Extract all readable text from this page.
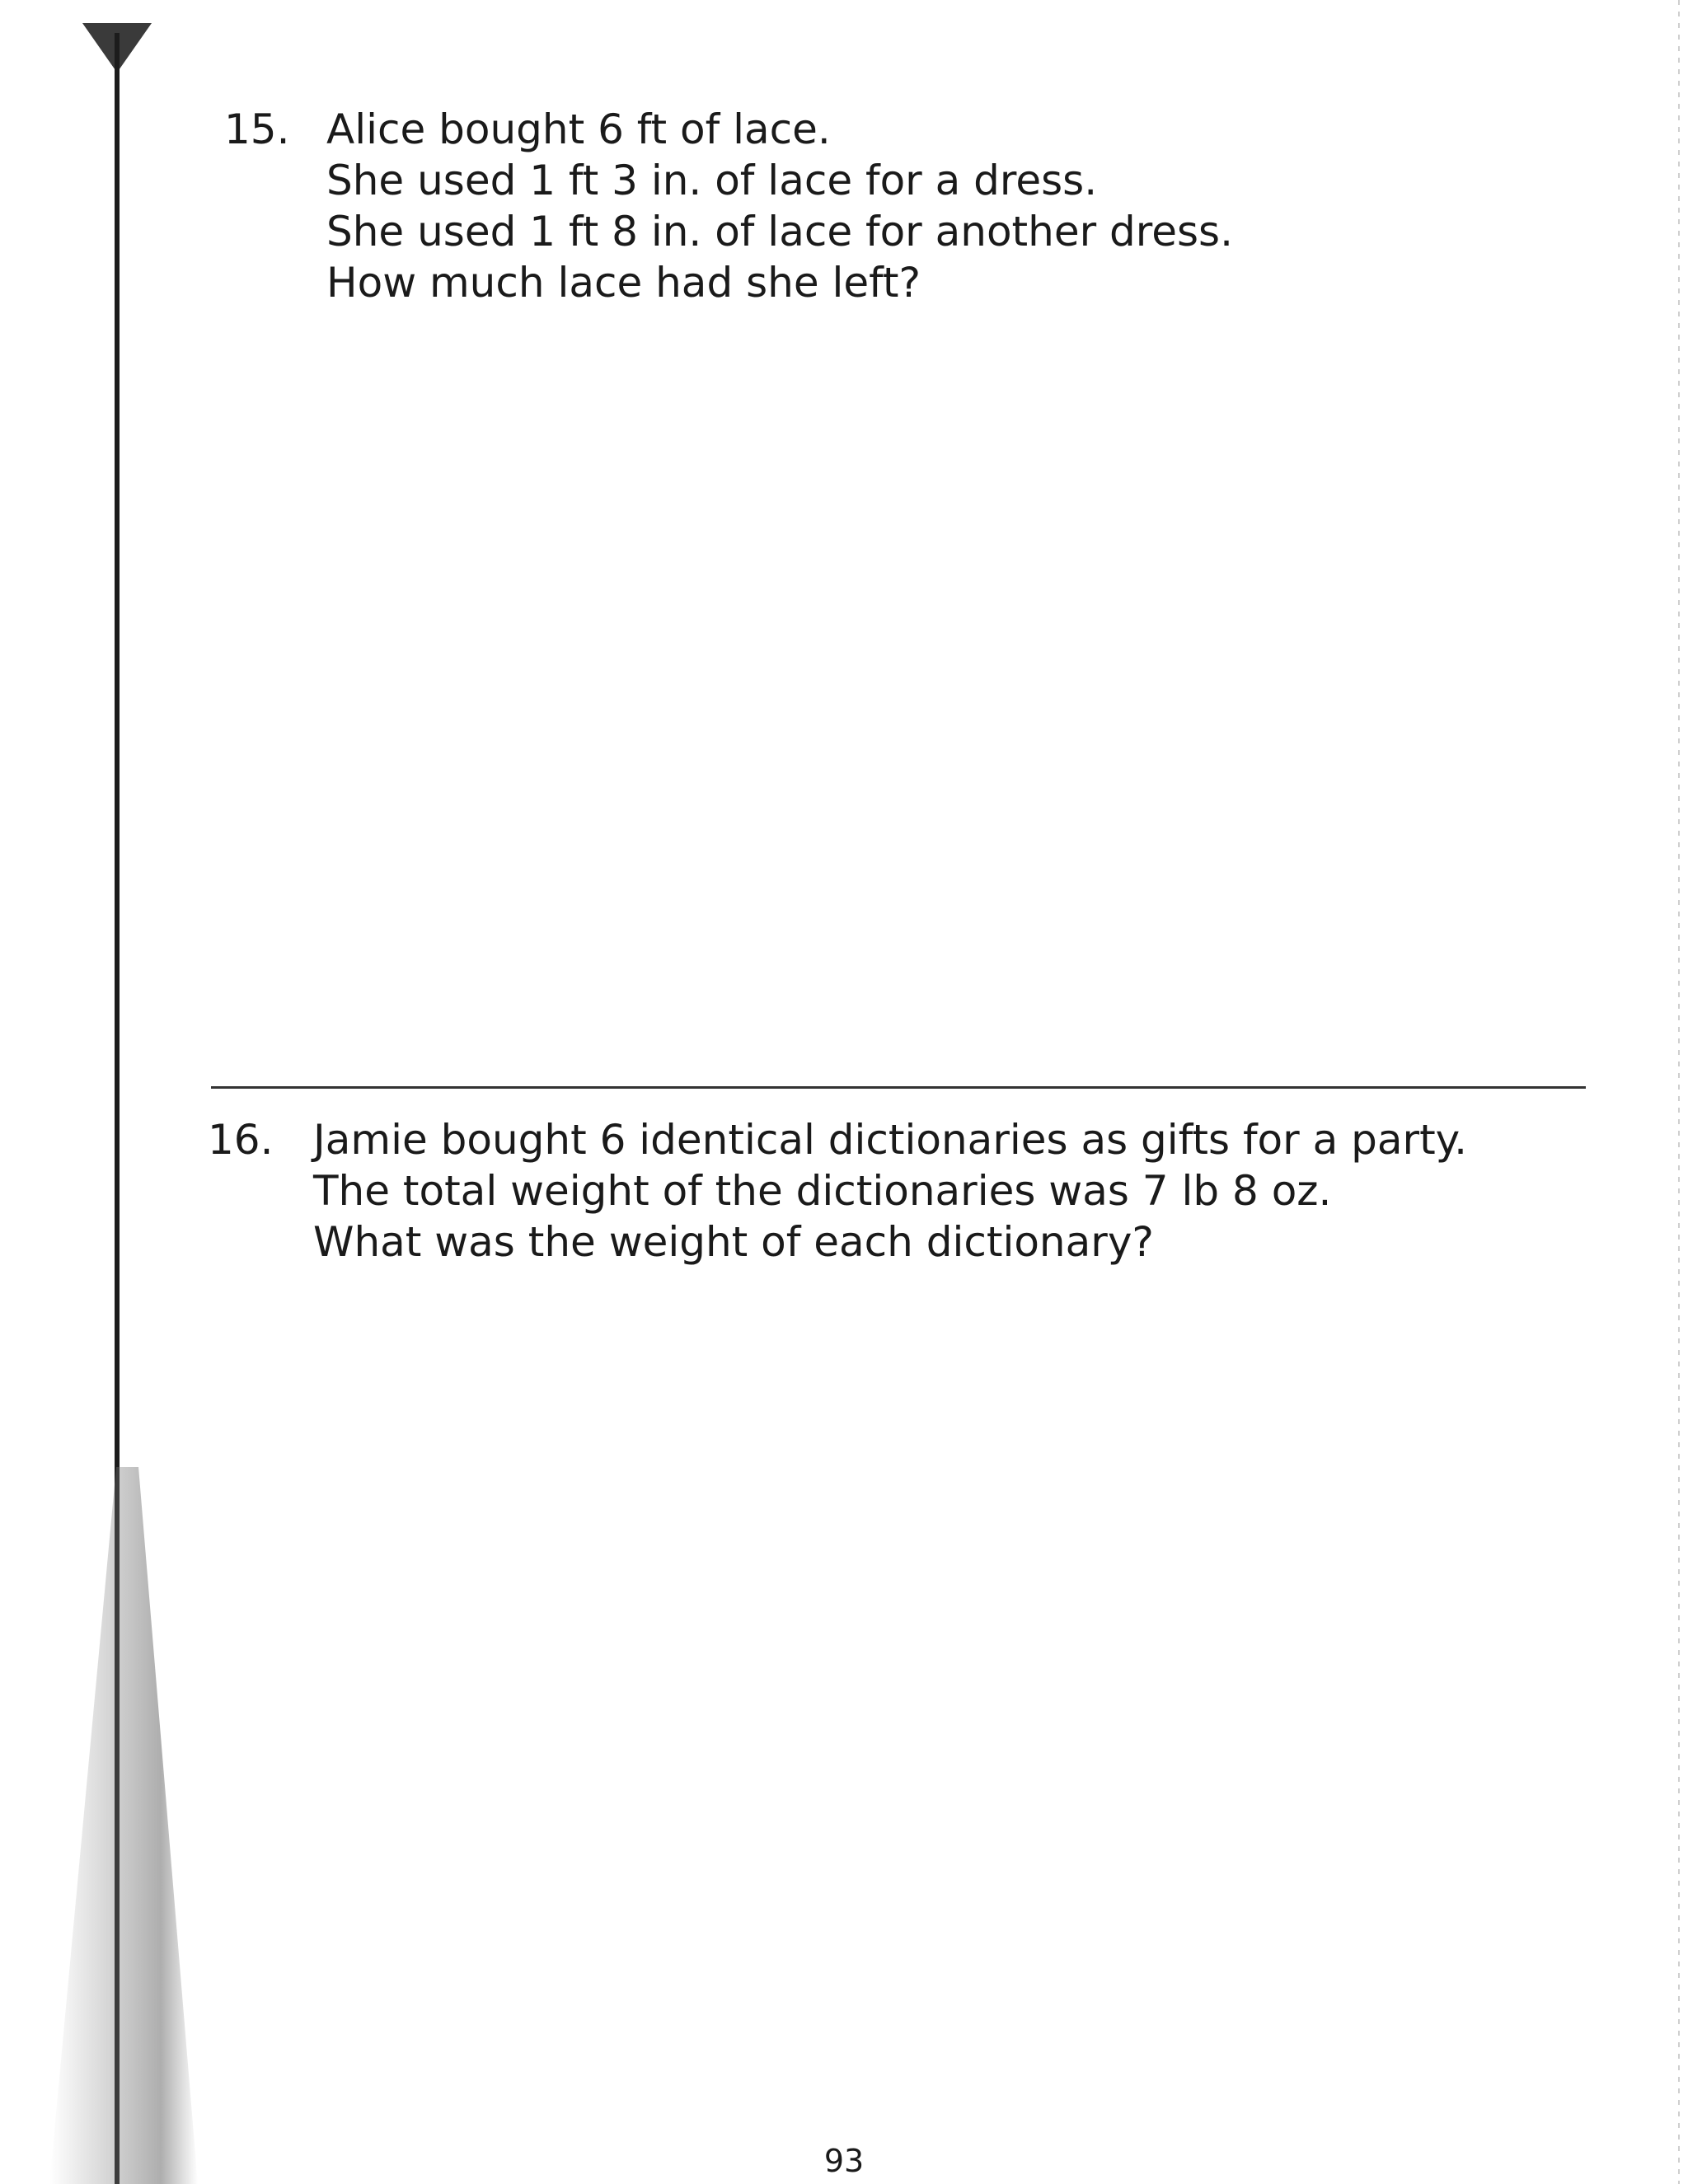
15. Alice bought 6 ft of lace.
She used 1 ft 3 in. of lace for a dress.
She used 1 ft 8 in. of lace for another dress.
How much lace had she left?
16. Jamie bought 6 identical dictionaries as gifts for a party.
The total weight of the dictionaries was 7 lb 8 oz.
What was the weight of each dictionary?
93
